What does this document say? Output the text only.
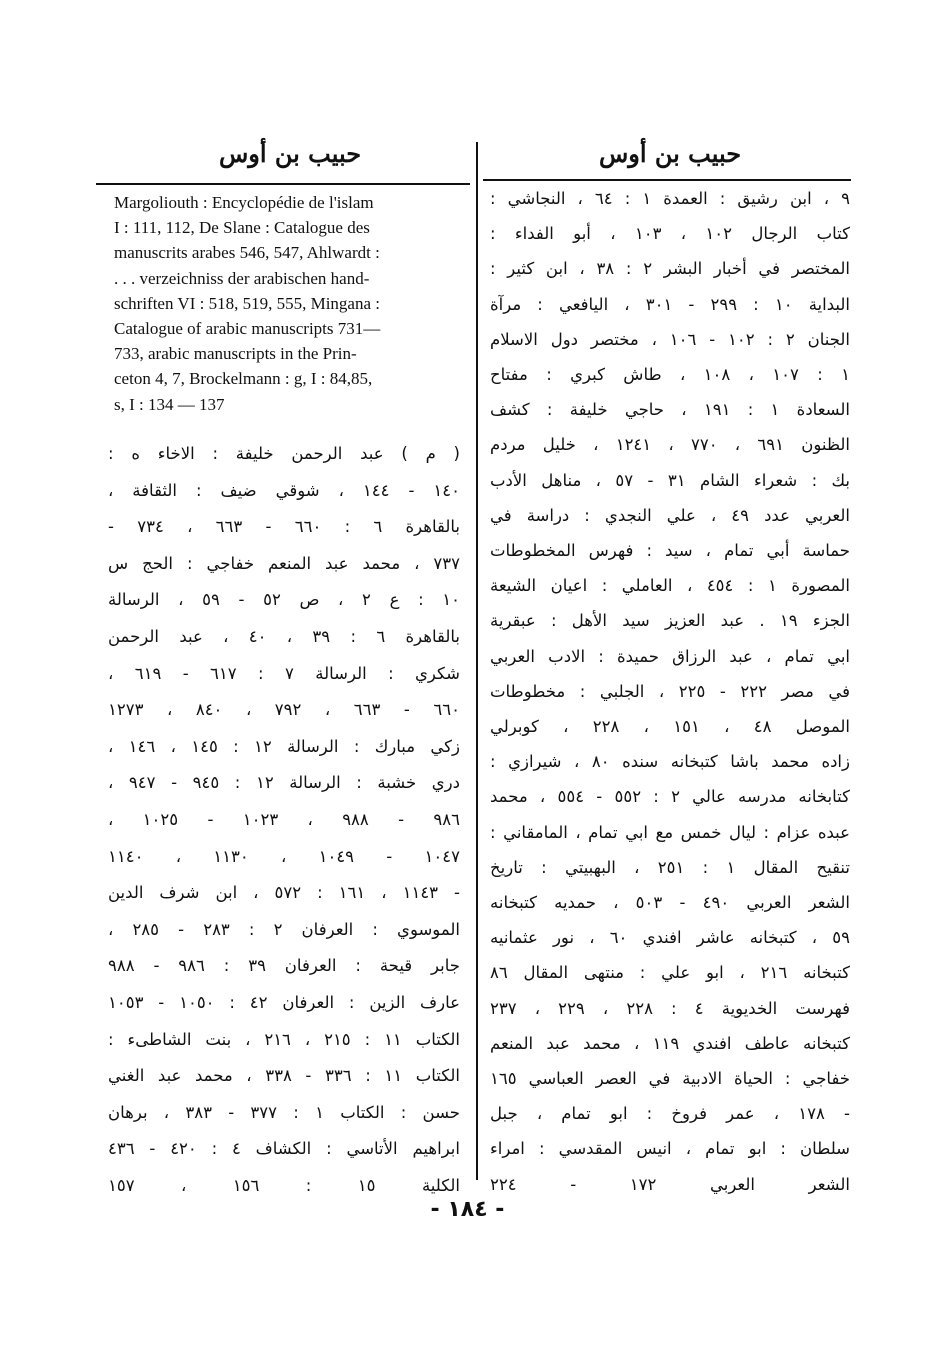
حبيب بن أوس	حبيب بن أوس
Margoliouth : Encyclopédie de l'islam
I : 111, 112, De Slane : Catalogue des
manuscrits arabes 546, 547, Ahlwardt :
. . . verzeichniss der arabischen hand-
schriften VI : 518, 519, 555, Mingana :
Catalogue of arabic manuscripts 731—
733, arabic manuscripts in the Prin-
ceton 4, 7, Brockelmann : g, I : 84,85,
s, I : 134 — 137
( م ) عبد الرحمن خليفة : الاخاء ه :
١٤٠ - ١٤٤ ، شوقي ضيف : الثقافة ،
بالقاهرة ٦ : ٦٦٠ - ٦٦٣ ، ٧٣٤ -
٧٣٧ ، محمد عبد المنعم خفاجي : الحج س
١٠ : ع ٢ ، ص ٥٢ - ٥٩ ، الرسالة
بالقاهرة ٦ : ٣٩ ، ٤٠ ، عبد الرحمن
شكري : الرسالة ٧ : ٦١٧ - ٦١٩ ،
٦٦٠ - ٦٦٣ ، ٧٩٢ ، ٨٤٠ ، ١٢٧٣
زكي مبارك : الرسالة ١٢ : ١٤٥ ، ١٤٦ ،
دري خشبة : الرسالة ١٢ : ٩٤٥ - ٩٤٧ ،
٩٨٦ - ٩٨٨ ، ١٠٢٣ - ١٠٢٥ ،
١٠٤٧ - ١٠٤٩ ، ١١٣٠ ، ١١٤٠
- ١١٤٣ ، ١٦١ : ٥٧٢ ، ابن شرف الدين
الموسوي : العرفان ٢ : ٢٨٣ - ٢٨٥ ،
جابر قيحة : العرفان ٣٩ : ٩٨٦ - ٩٨٨
عارف الزين : العرفان ٤٢ : ١٠٥٠ - ١٠٥٣
الكتاب ١١ : ٢١٥ ، ٢١٦ ، بنت الشاطىء :
الكتاب ١١ : ٣٣٦ - ٣٣٨ ، محمد عبد الغني
حسن : الكتاب ١ : ٣٧٧ - ٣٨٣ ، برهان
ابراهيم الأتاسي : الكشاف ٤ : ٤٢٠ - ٤٣٦
الكلية ١٥ : ١٥٦ ، ١٥٧
٩ ، ابن رشيق : العمدة ١ : ٦٤ ، النجاشي :
كتاب الرجال ١٠٢ ، ١٠٣ ، أبو الفداء :
المختصر في أخبار البشر ٢ : ٣٨ ، ابن كثير :
البداية ١٠ : ٢٩٩ - ٣٠١ ، اليافعي : مرآة
الجنان ٢ : ١٠٢ - ١٠٦ ، مختصر دول الاسلام
١ : ١٠٧ ، ١٠٨ ، طاش كبري : مفتاح
السعادة ١ : ١٩١ ، حاجي خليفة : كشف
الظنون ٦٩١ ، ٧٧٠ ، ١٢٤١ ، خليل مردم
بك : شعراء الشام ٣١ - ٥٧ ، مناهل الأدب
العربي عدد ٤٩ ، علي النجدي : دراسة في
حماسة أبي تمام ، سيد : فهرس المخطوطات
المصورة ١ : ٤٥٤ ، العاملي : اعيان الشيعة
الجزء ١٩ . عبد العزيز سيد الأهل : عبقرية
ابي تمام ، عبد الرزاق حميدة : الادب العربي
في مصر ٢٢٢ - ٢٢٥ ، الجلبي : مخطوطات
الموصل ٤٨ ، ١٥١ ، ٢٢٨ ، كوبرلي
زاده محمد باشا كتبخانه سنده ٨٠ ، شيرازي :
كتابخانه مدرسه عالي ٢ : ٥٥٢ - ٥٥٤ ، محمد
عبده عزام : ليال خمس مع ابي تمام ، المامقاني :
تنقيح المقال ١ : ٢٥١ ، البهبيتي : تاريخ
الشعر العربي ٤٩٠ - ٥٠٣ ، حمديه كتبخانه
٥٩ ، كتبخانه عاشر افندي ٦٠ ، نور عثمانيه
كتبخانه ٢١٦ ، ابو علي : منتهى المقال ٨٦
فهرست الخديوية ٤ : ٢٢٨ ، ٢٢٩ ، ٢٣٧
كتبخانه عاطف افندي ١١٩ ، محمد عبد المنعم
خفاجي : الحياة الادبية في العصر العباسي ١٦٥
- ١٧٨ ، عمر فروخ : ابو تمام ، جبل
سلطان : ابو تمام ، انيس المقدسي : امراء
الشعر العربي ١٧٢ - ٢٢٤
- ١٨٤ -
